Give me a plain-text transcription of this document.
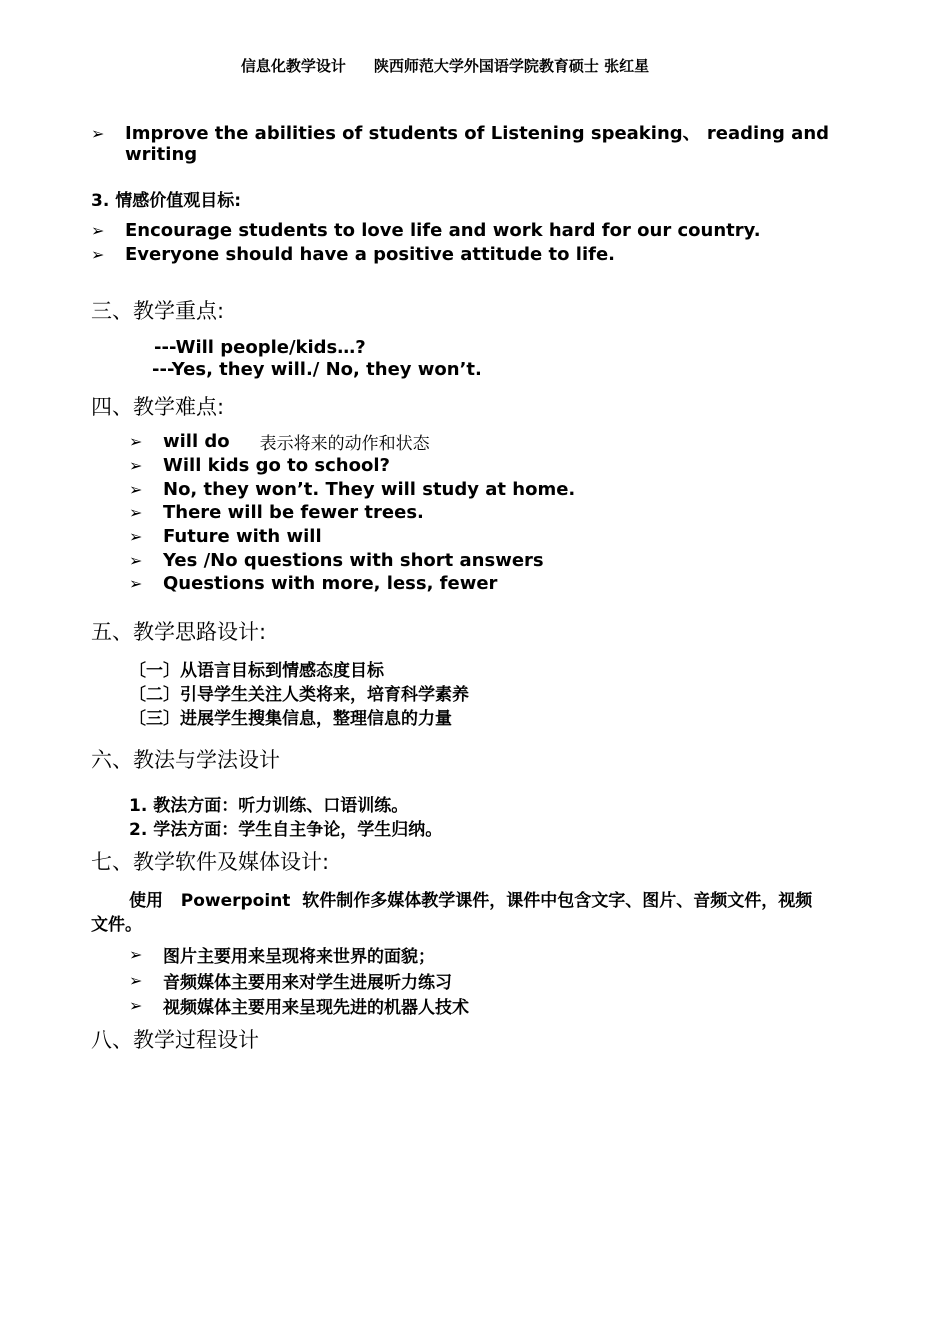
信息化教学设计 陕西师范大学外国语学院教育硕士 张红星
➢	Improve the abilities of students of Listening speaking、 reading and writing
3. 情感价值观目标:
➢	Encourage students to love life and work hard for our country.
➢	Everyone should have a positive attitude to life.
三、教学重点:
---Will people/kids…?
---Yes, they will./ No, they won’t.
四、教学难点:
➢	will do 表示将来的动作和状态
➢	Will kids go to school?
➢	No, they won’t. They will study at home.
➢	There will be fewer trees.
➢	Future with will
➢	Yes /No questions with short answers
➢	Questions with more, less, fewer
五、教学思路设计:
〔一〕从语言目标到情感态度目标
〔二〕引导学生关注人类将来，培育科学素养
〔三〕进展学生搜集信息，整理信息的力量
六、教法与学法设计
1. 教法方面：听力训练、口语训练。
2. 学法方面：学生自主争论，学生归纳。
七、教学软件及媒体设计:
使用   Powerpoint  软件制作多媒体教学课件，课件中包含文字、图片、音频文件，视频
文件。
➢	图片主要用来呈现将来世界的面貌；
➢	音频媒体主要用来对学生进展听力练习
➢	视频媒体主要用来呈现先进的机器人技术
八、教学过程设计
